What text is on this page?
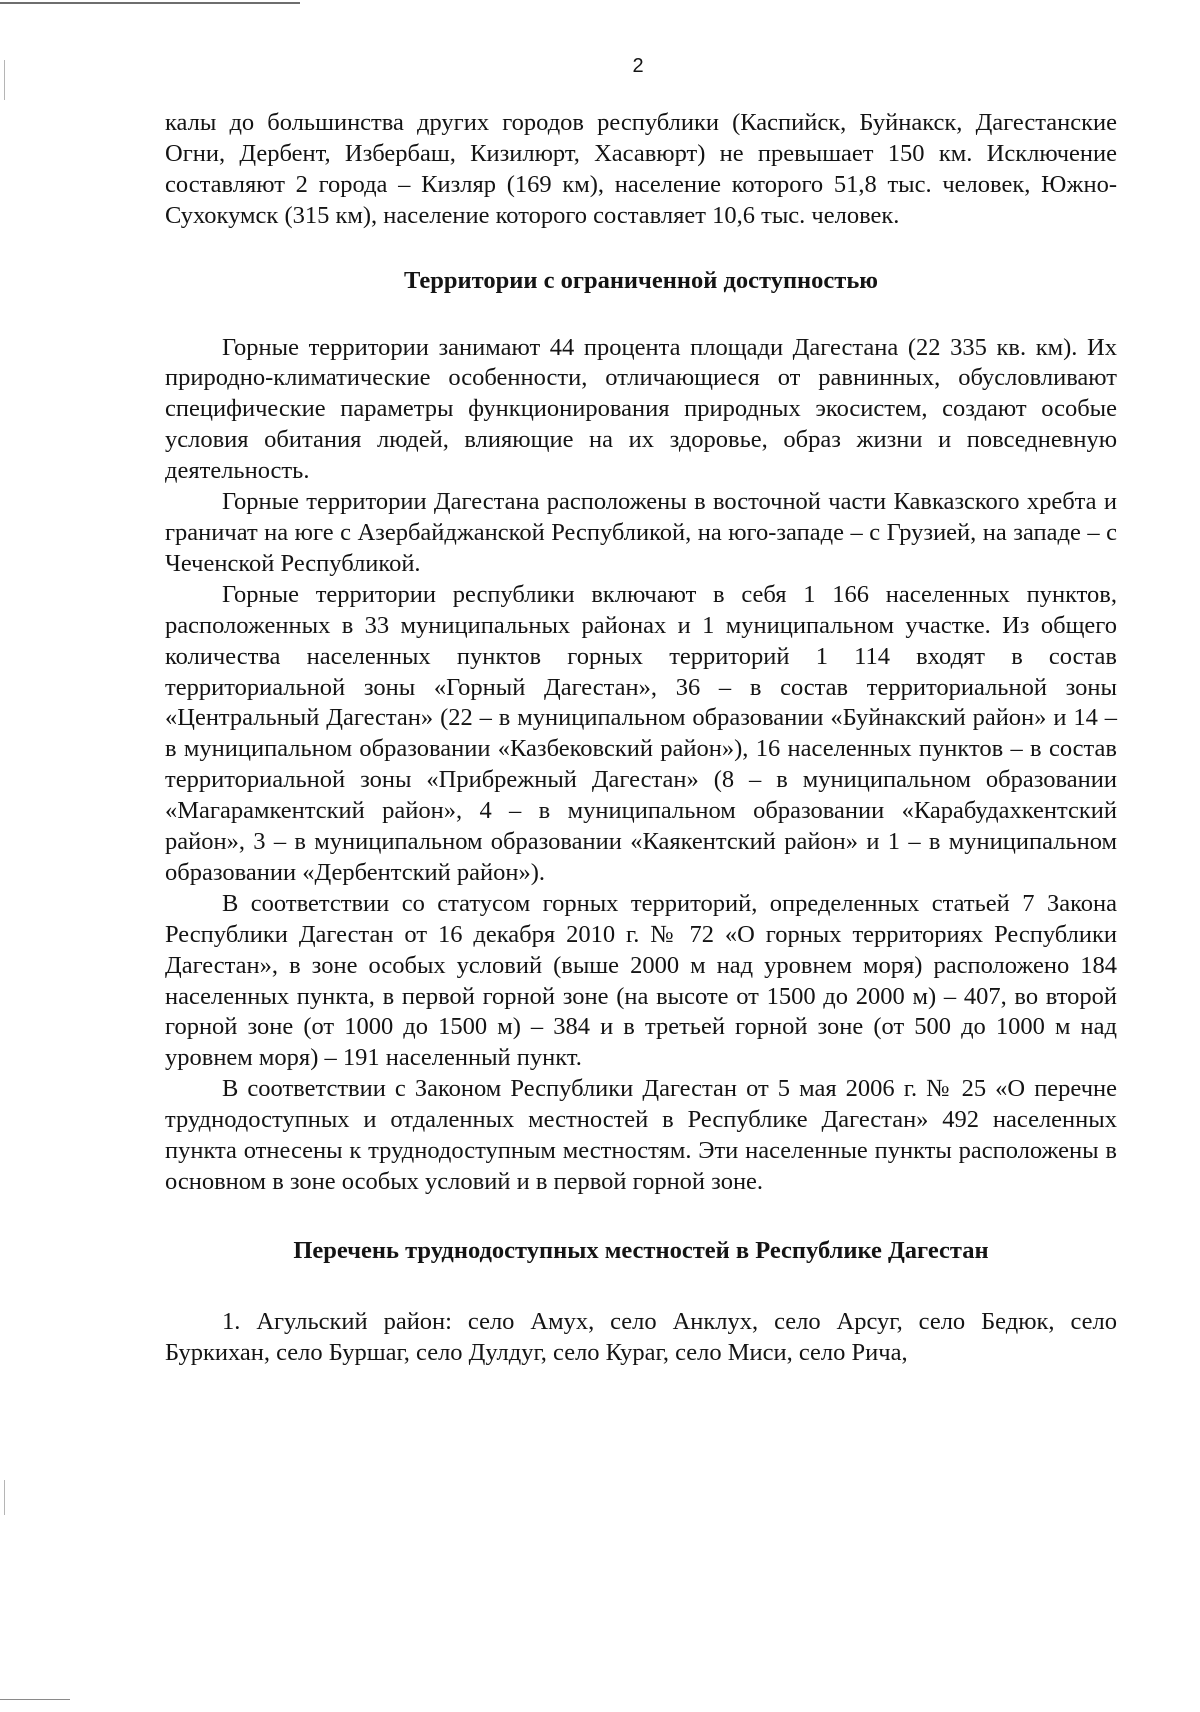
2

калы до большинства других городов республики (Каспийск, Буйнакск, Дагестанские Огни, Дербент, Избербаш, Кизилюрт, Хасавюрт) не превышает 150 км. Исключение составляют 2 города – Кизляр (169 км), население которого 51,8 тыс. человек, Южно-Сухокумск (315 км), население которого составляет 10,6 тыс. человек.

Территории с ограниченной доступностью

Горные территории занимают 44 процента площади Дагестана (22 335 кв. км). Их природно-климатические особенности, отличающиеся от равнинных, обусловливают специфические параметры функционирования природных экосистем, создают особые условия обитания людей, влияющие на их здоровье, образ жизни и повседневную деятельность.

Горные территории Дагестана расположены в восточной части Кавказского хребта и граничат на юге с Азербайджанской Республикой, на юго-западе – с Грузией, на западе – с Чеченской Республикой.

Горные территории республики включают в себя 1 166 населенных пунктов, расположенных в 33 муниципальных районах и 1 муниципальном участке. Из общего количества населенных пунктов горных территорий 1 114 входят в состав территориальной зоны «Горный Дагестан», 36 – в состав территориальной зоны «Центральный Дагестан» (22 – в муниципальном образовании «Буйнакский район» и 14 – в муниципальном образовании «Казбековский район»), 16 населенных пунктов – в состав территориальной зоны «Прибрежный Дагестан» (8 – в муниципальном образовании «Магарамкентский район», 4 – в муниципальном образовании «Карабудахкентский район», 3 – в муниципальном образовании «Каякентский район» и 1 – в муниципальном образовании «Дербентский район»).

В соответствии со статусом горных территорий, определенных статьей 7 Закона Республики Дагестан от 16 декабря 2010 г. № 72 «О горных территориях Республики Дагестан», в зоне особых условий (выше 2000 м над уровнем моря) расположено 184 населенных пункта, в первой горной зоне (на высоте от 1500 до 2000 м) – 407, во второй горной зоне (от 1000 до 1500 м) – 384 и в третьей горной зоне (от 500 до 1000 м над уровнем моря) – 191 населенный пункт.

В соответствии с Законом Республики Дагестан от 5 мая 2006 г. № 25 «О перечне труднодоступных и отдаленных местностей в Республике Дагестан» 492 населенных пункта отнесены к труднодоступным местностям. Эти населенные пункты расположены в основном в зоне особых условий и в первой горной зоне.

Перечень труднодоступных местностей в Республике Дагестан

1. Агульский район: село Амух, село Анклух, село Арсуг, село Бедюк, село Буркихан, село Буршаг, село Дулдуг, село Кураг, село Миси, село Рича,
